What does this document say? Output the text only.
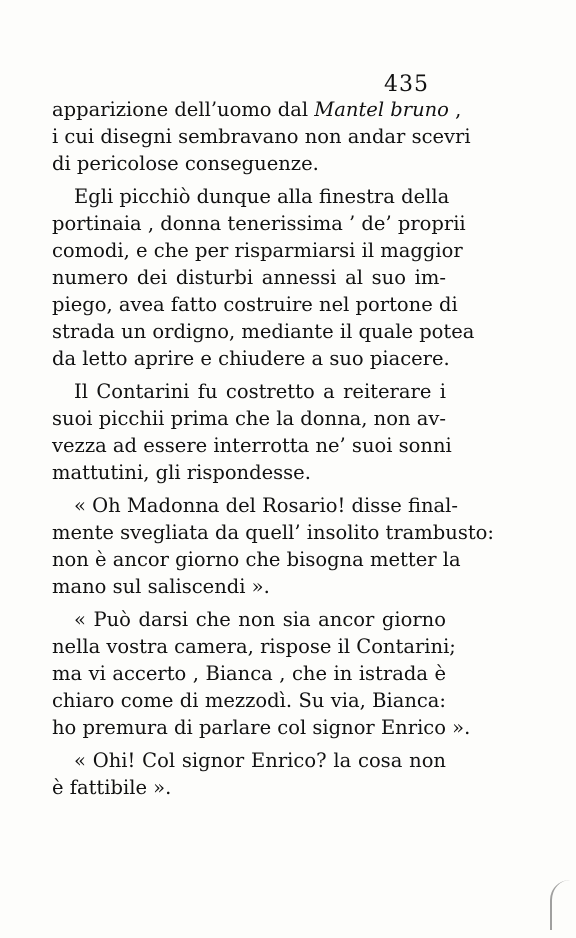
435
apparizione dell’uomo dal Mantel bruno ,
i cui disegni sembravano non andar scevri
di pericolose conseguenze.
Egli picchiò dunque alla finestra della
portinaia , donna tenerissima ’ de’ proprii
comodi, e che per risparmiarsi il maggior
numero dei disturbi annessi al suo im-
piego, avea fatto costruire nel portone di
strada un ordigno, mediante il quale potea
da letto aprire e chiudere a suo piacere.
Il Contarini fu costretto a reiterare i
suoi picchii prima che la donna, non av-
vezza ad essere interrotta ne’ suoi sonni
mattutini, gli rispondesse.
« Oh Madonna del Rosario! disse final-
mente svegliata da quell’ insolito trambusto:
non è ancor giorno che bisogna metter la
mano sul saliscendi ».
« Può darsi che non sia ancor giorno
nella vostra camera, rispose il Contarini;
ma vi accerto , Bianca , che in istrada è
chiaro come di mezzodì. Su via, Bianca:
ho premura di parlare col signor Enrico ».
« Ohi! Col signor Enrico? la cosa non
è fattibile ».
